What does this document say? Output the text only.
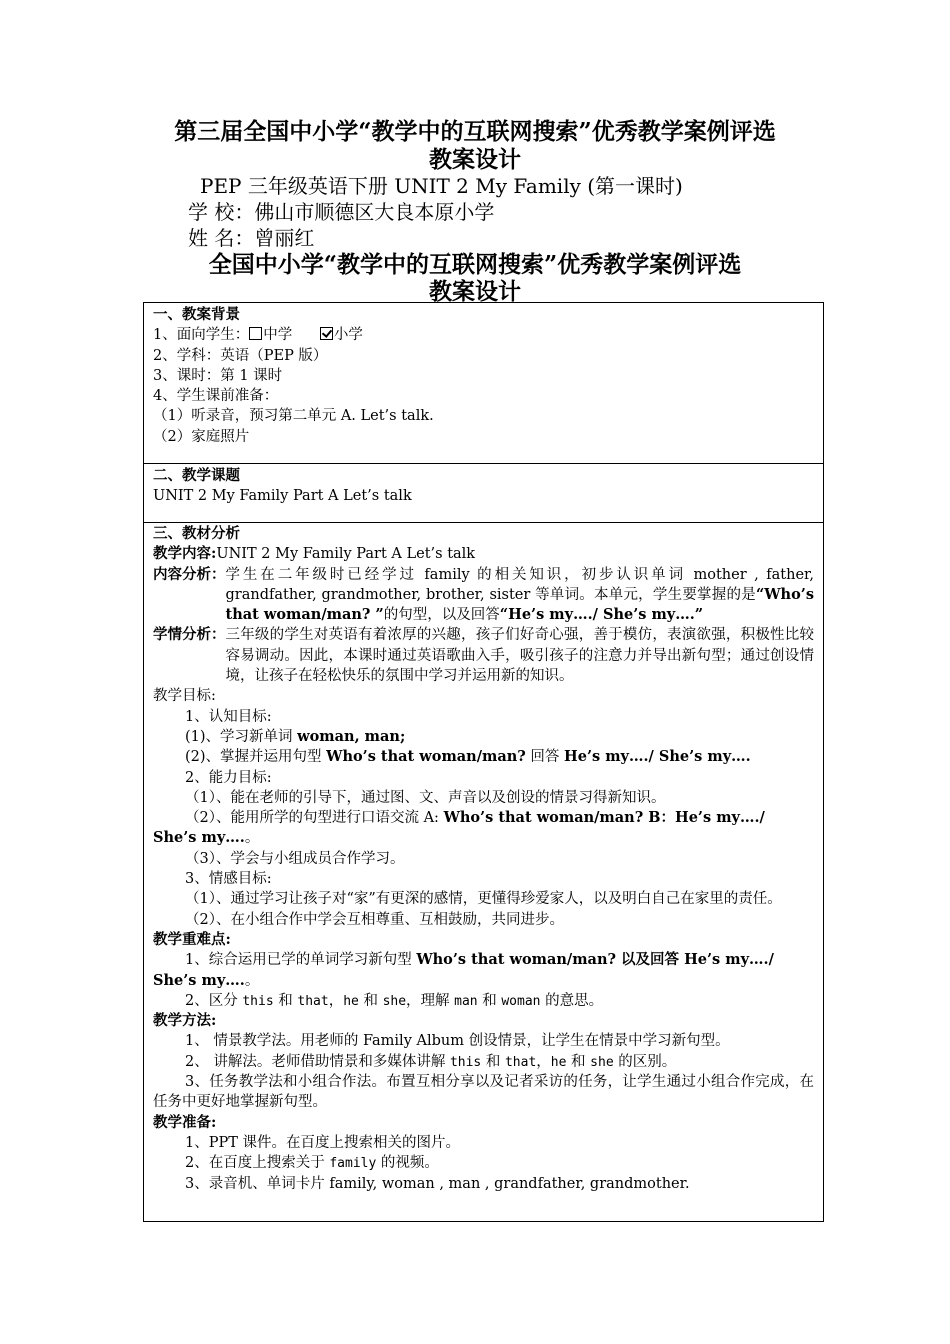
第三届全国中小学“教学中的互联网搜索”优秀教学案例评选
教案设计
PEP 三年级英语下册 UNIT 2 My Family (第一课时)
学 校：佛山市顺德区大良本原小学
姓 名：曾丽红
全国中小学“教学中的互联网搜索”优秀教学案例评选
教案设计
一、教案背景
1、面向学生： 中学	小学
2、学科：英语（PEP 版）
3、课时：第 1 课时
4、学生课前准备：
（1）听录音，预习第二单元 A. Let’s talk.
（2）家庭照片
二、教学课题
UNIT 2 My Family Part A Let’s talk
三、教材分析
教学内容:UNIT 2 My Family Part A Let’s talk
内容分析： 学生在二年级时已经学过 family 的相关知识，初步认识单词 mother , father, grandfather, grandmother, brother, sister 等单词。本单元，学生要掌握的是“Who’s that woman/man? ”的句型，以及回答“He’s my…./ She’s my….”
学情分析： 三年级的学生对英语有着浓厚的兴趣，孩子们好奇心强，善于模仿，表演欲强，积极性比较容易调动。因此，本课时通过英语歌曲入手，吸引孩子的注意力并导出新句型；通过创设情境，让孩子在轻松快乐的氛围中学习并运用新的知识。
教学目标:
1、认知目标:
(1)、学习新单词 woman, man;
(2)、掌握并运用句型 Who’s that woman/man? 回答 He’s my…./ She’s my….
2、能力目标:
（1）、能在老师的引导下，通过图、文、声音以及创设的情景习得新知识。
（2）、能用所学的句型进行口语交流 A: Who’s that woman/man? B：He’s my…./
She’s my….。
（3）、学会与小组成员合作学习。
3、情感目标:
（1）、通过学习让孩子对“家”有更深的感情，更懂得珍爱家人，以及明白自己在家里的责任。
（2）、在小组合作中学会互相尊重、互相鼓励，共同进步。
教学重难点:
1、综合运用已学的单词学习新句型 Who’s that woman/man? 以及回答 He’s my…./
She’s my….。
2、区分 this 和 that，he 和 she，理解 man 和 woman 的意思。
教学方法:
1、 情景教学法。用老师的 Family Album 创设情景，让学生在情景中学习新句型。
2、 讲解法。老师借助情景和多媒体讲解 this 和 that，he 和 she 的区别。
3、任务教学法和小组合作法。布置互相分享以及记者采访的任务，让学生通过小组合作完成，在任务中更好地掌握新句型。
教学准备:
1、PPT 课件。在百度上搜索相关的图片。
2、在百度上搜索关于 family 的视频。
3、录音机、单词卡片 family, woman , man , grandfather, grandmother.
